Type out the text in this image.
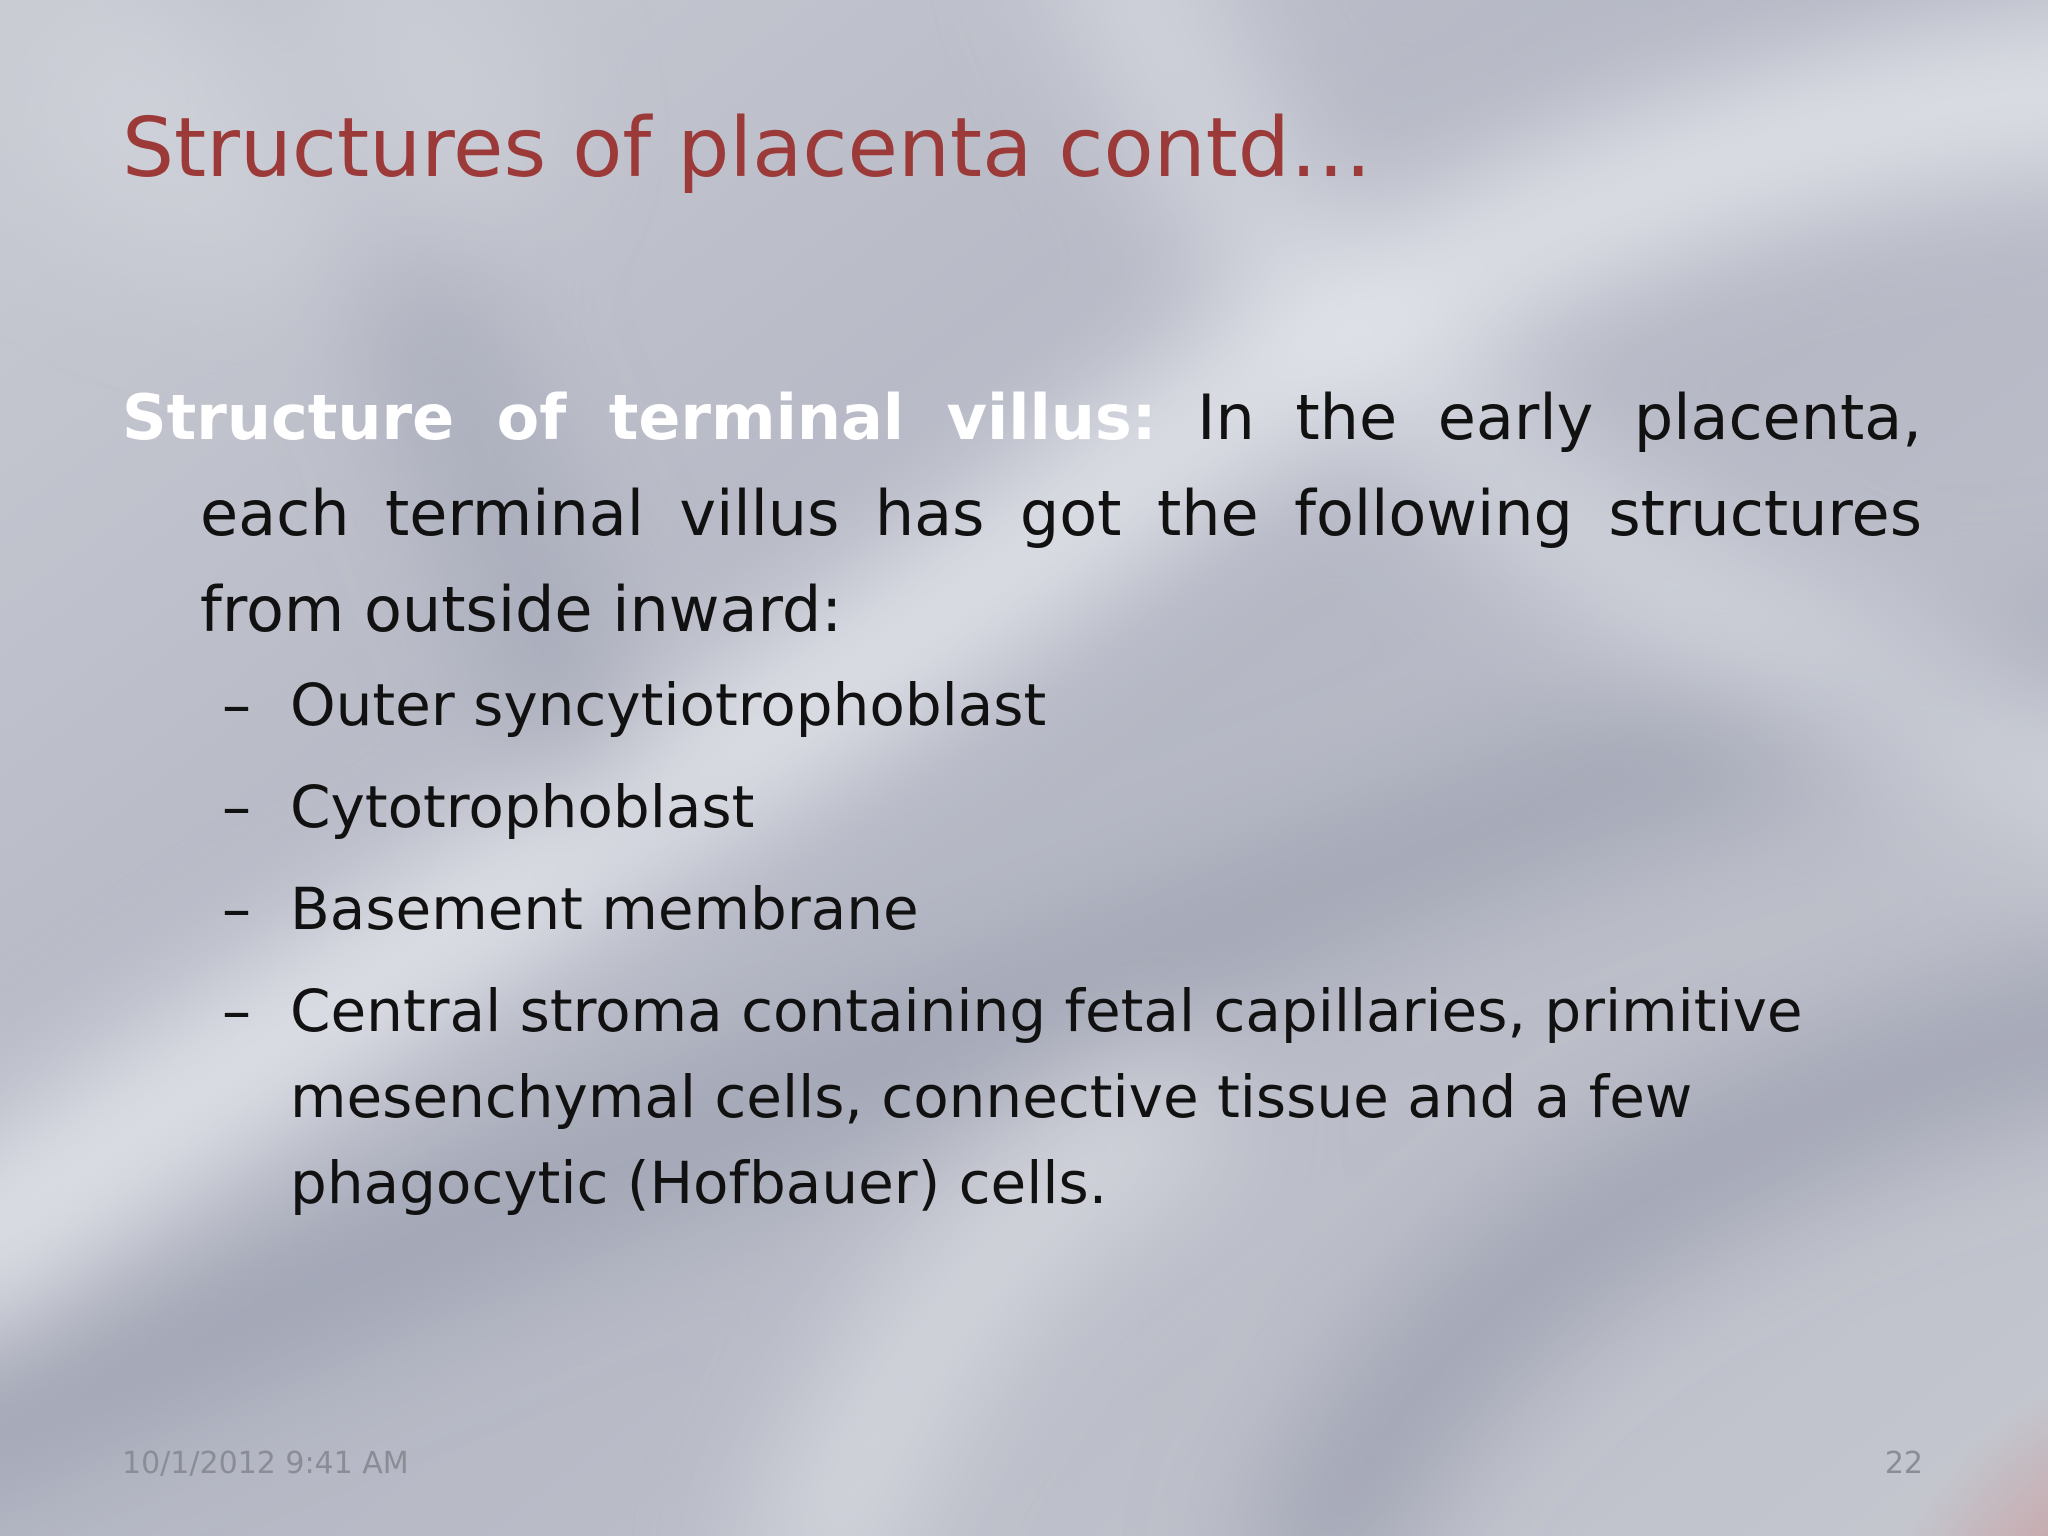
Structures of placenta contd…

Structure of terminal villus: In the early placenta, each terminal villus has got the following structures from outside inward:

– Outer syncytiotrophoblast
– Cytotrophoblast
– Basement membrane
– Central stroma containing fetal capillaries, primitive mesenchymal cells, connective tissue and a few phagocytic (Hofbauer) cells.
10/1/2012 9:41 AM	22
